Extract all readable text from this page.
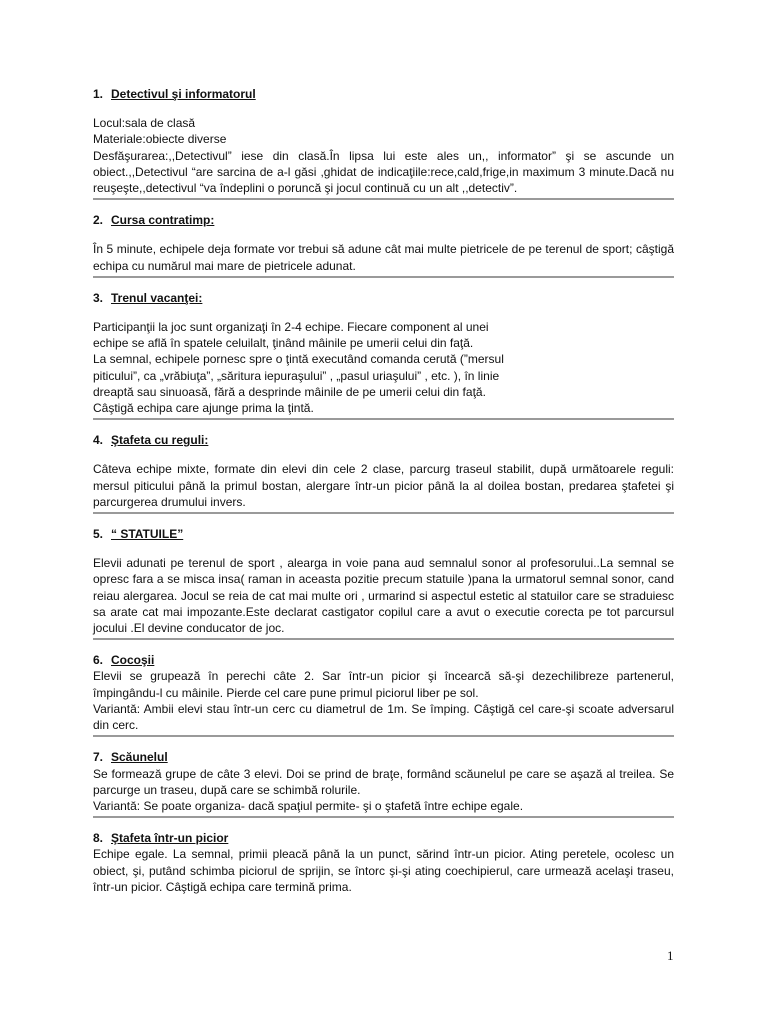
1. Detectivul şi informatorul

Locul:sala de clasă

Materiale:obiecte diverse

Desfăşurarea:,,Detectivul” iese din clasă.În lipsa lui este ales un,, informator” şi se ascunde un obiect.,,Detectivul “are sarcina de a-l găsi ,ghidat de indicaţiile:rece,cald,frige,in maximum 3 minute.Dacă nu reuşeşte,,detectivul “va îndeplini o poruncă şi jocul continuă cu un alt ,,detectiv”.

2. Cursa contratimp:

În 5 minute, echipele deja formate vor trebui să adune cât mai multe pietricele de pe terenul de sport; câştigă echipa cu numărul mai mare de pietricele adunat.

3. Trenul vacanţei:

Participanţii la joc sunt organizaţi în 2-4 echipe. Fiecare component al unei

echipe se află în spatele celuilalt, ţinând mâinile pe umerii celui din faţă.

La semnal, echipele pornesc spre o ţintă executând comanda cerută (”mersul

piticului”, ca „vrăbiuţa”, „săritura iepuraşului” , „pasul uriaşului” , etc. ), în linie

dreaptă sau sinuoasă, fără a desprinde mâinile de pe umerii celui din faţă.

Câştigă echipa care ajunge prima la ţintă.

4. Ştafeta cu reguli:

Câteva echipe mixte, formate din elevi din cele 2 clase, parcurg traseul stabilit, după următoarele reguli: mersul piticului până la primul bostan, alergare într-un picior până la al doilea bostan, predarea ştafetei şi parcurgerea drumului invers.

5. “ STATUILE”

Elevii adunati pe terenul de sport , alearga in voie pana aud semnalul sonor al profesorului..La semnal se opresc fara a se misca insa( raman in aceasta pozitie precum statuile )pana la urmatorul semnal sonor, cand reiau alergarea. Jocul se reia de cat mai multe ori , urmarind si aspectul estetic al statuilor care se straduiesc sa arate cat mai impozante.Este declarat castigator copilul care a avut o executie corecta pe tot parcursul jocului .El devine conducator de joc.

6. Cocoşii

Elevii se grupează în perechi câte 2. Sar într-un picior şi încearcă să-şi dezechilibreze partenerul, împingându-l cu mâinile. Pierde cel care pune primul piciorul liber pe sol.

Variantă: Ambii elevi stau într-un cerc cu diametrul de 1m. Se împing. Câştigă cel care-şi scoate adversarul din cerc.

7. Scăunelul

Se formează grupe de câte 3 elevi. Doi se prind de braţe, formând scăunelul pe care se aşază al treilea. Se parcurge un traseu, după care se schimbă rolurile.

Variantă: Se poate organiza- dacă spaţiul permite- şi o ştafetă între echipe egale.

8. Ştafeta într-un picior

Echipe egale. La semnal, primii pleacă până la un punct, sărind într-un picior. Ating peretele, ocolesc un obiect, şi, putând schimba piciorul de sprijin, se întorc şi-şi ating coechipierul, care urmează acelaşi traseu, într-un picior. Câştigă echipa care termină prima.

1
